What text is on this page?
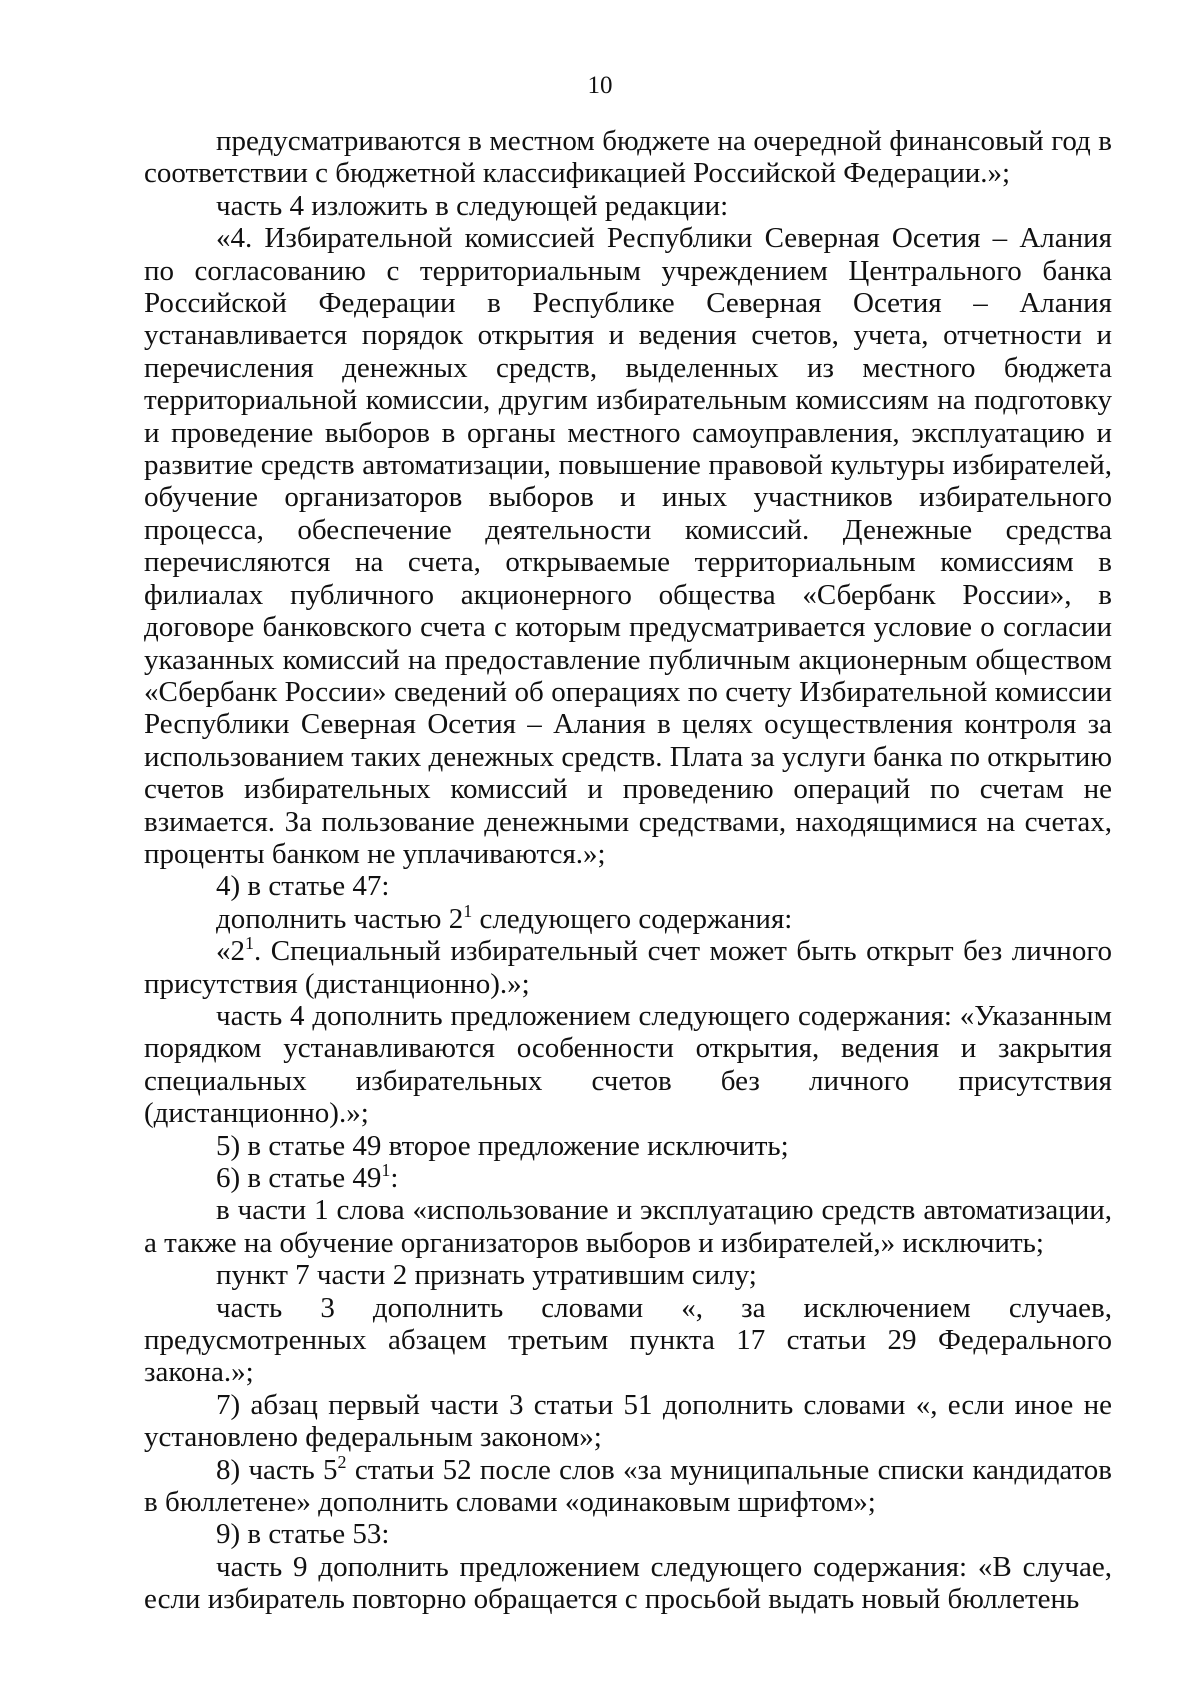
10

предусматриваются в местном бюджете на очередной финансовый год в соответствии с бюджетной классификацией Российской Федерации.»;

часть 4 изложить в следующей редакции:

«4. Избирательной комиссией Республики Северная Осетия – Алания по согласованию с территориальным учреждением Центрального банка Российской Федерации в Республике Северная Осетия – Алания устанавливается порядок открытия и ведения счетов, учета, отчетности и перечисления денежных средств, выделенных из местного бюджета территориальной комиссии, другим избирательным комиссиям на подготовку и проведение выборов в органы местного самоуправления, эксплуатацию и развитие средств автоматизации, повышение правовой культуры избирателей, обучение организаторов выборов и иных участников избирательного процесса, обеспечение деятельности комиссий. Денежные средства перечисляются на счета, открываемые территориальным комиссиям в филиалах публичного акционерного общества «Сбербанк России», в договоре банковского счета с которым предусматривается условие о согласии указанных комиссий на предоставление публичным акционерным обществом «Сбербанк России» сведений об операциях по счету Избирательной комиссии Республики Северная Осетия – Алания в целях осуществления контроля за использованием таких денежных средств. Плата за услуги банка по открытию счетов избирательных комиссий и проведению операций по счетам не взимается. За пользование денежными средствами, находящимися на счетах, проценты банком не уплачиваются.»;

4) в статье 47:

дополнить частью $2^1$ следующего содержания:

«$2^1$. Специальный избирательный счет может быть открыт без личного присутствия (дистанционно).»;

часть 4 дополнить предложением следующего содержания: «Указанным порядком устанавливаются особенности открытия, ведения и закрытия специальных избирательных счетов без личного присутствия (дистанционно).»;

5) в статье 49 второе предложение исключить;

6) в статье $49^1$:

в части 1 слова «использование и эксплуатацию средств автоматизации, а также на обучение организаторов выборов и избирателей,» исключить;

пункт 7 части 2 признать утратившим силу;

часть 3 дополнить словами «, за исключением случаев, предусмотренных абзацем третьим пункта 17 статьи 29 Федерального закона.»;

7) абзац первый части 3 статьи 51 дополнить словами «, если иное не установлено федеральным законом»;

8) часть $5^2$ статьи 52 после слов «за муниципальные списки кандидатов в бюллетене» дополнить словами «одинаковым шрифтом»;

9) в статье 53:

часть 9 дополнить предложением следующего содержания: «В случае, если избиратель повторно обращается с просьбой выдать новый бюллетень
